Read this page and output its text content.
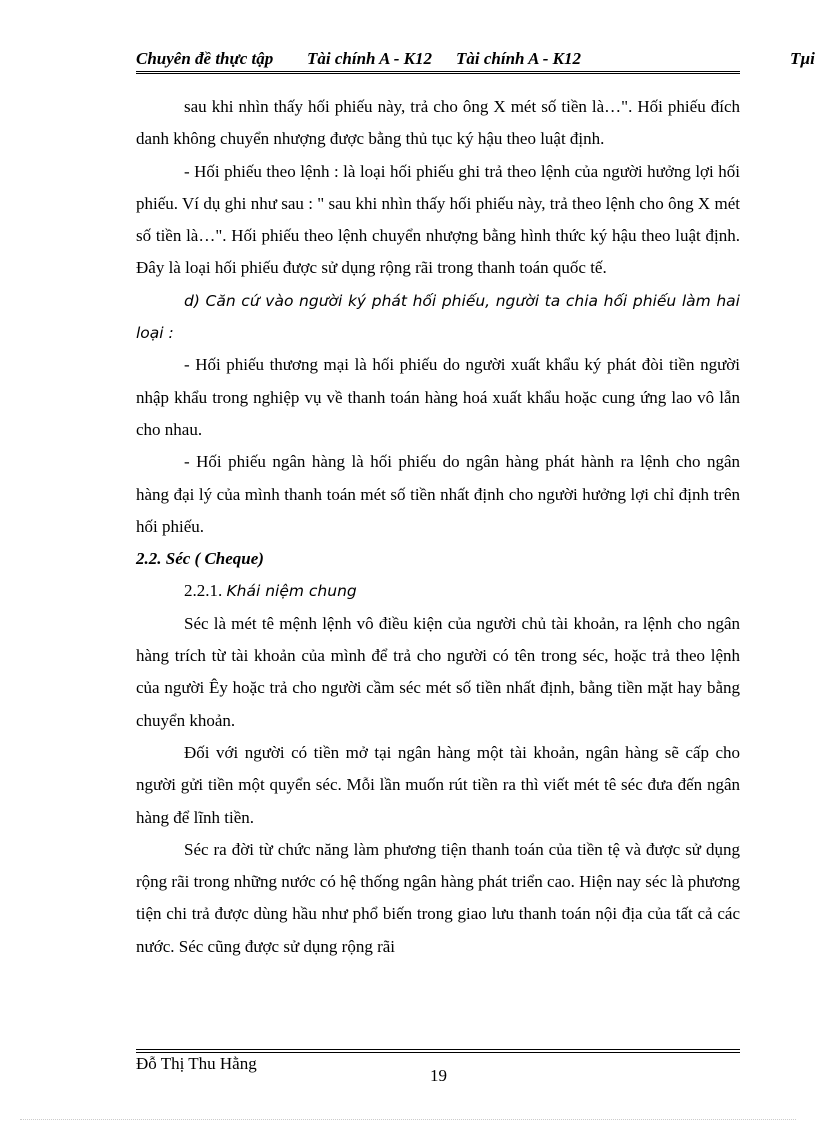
Chuyên đề thực tập Tài chính A - K12 Tài chính A - K12	Tµi

sau khi nhìn thấy hối phiếu này, trả cho ông X mét số tiền là…". Hối phiếu đích danh không chuyển nhượng được bằng thủ tục ký hậu theo luật định.

- Hối phiếu theo lệnh : là loại hối phiếu ghi trả theo lệnh của người hưởng lợi hối phiếu. Ví dụ ghi như sau : " sau khi nhìn thấy hối phiếu này, trả theo lệnh cho ông X mét số tiền là…". Hối phiếu theo lệnh chuyển nhượng bằng hình thức ký hậu theo luật định. Đây là loại hối phiếu được sử dụng rộng rãi trong thanh toán quốc tế.

d) Căn cứ vào người ký phát hối phiếu, người ta chia hối phiếu làm hai loại :

- Hối phiếu thương mại là hối phiếu do người xuất khẩu ký phát đòi tiền người nhập khẩu trong nghiệp vụ về thanh toán hàng hoá xuất khẩu hoặc cung ứng lao vô lẫn cho nhau.

- Hối phiếu ngân hàng là hối phiếu do ngân hàng phát hành ra lệnh cho ngân hàng đại lý của mình thanh toán mét số tiền nhất định cho người hưởng lợi chỉ định trên hối phiếu.

2.2. Séc ( Cheque)

2.2.1. Khái niệm chung

Séc là mét tê mệnh lệnh vô điều kiện của người chủ tài khoản, ra lệnh cho ngân hàng trích từ tài khoản của mình để trả cho người có tên trong séc, hoặc trả theo lệnh của người Êy hoặc trả cho người cầm séc mét số tiền nhất định, bằng tiền mặt hay bằng chuyển khoản.

Đối với người có tiền mở tại ngân hàng một tài khoản, ngân hàng sẽ cấp cho người gửi tiền một quyển séc. Mỗi lần muốn rút tiền ra thì viết mét tê séc đưa đến ngân hàng để lĩnh tiền.

Séc ra đời từ chức năng làm phương tiện thanh toán của tiền tệ và được sử dụng rộng rãi trong những nước có hệ thống ngân hàng phát triển cao. Hiện nay séc là phương tiện chi trả được dùng hầu như phổ biến trong giao lưu thanh toán nội địa của tất cả các nước. Séc cũng được sử dụng rộng rãi

Đỗ Thị Thu Hằng
19
